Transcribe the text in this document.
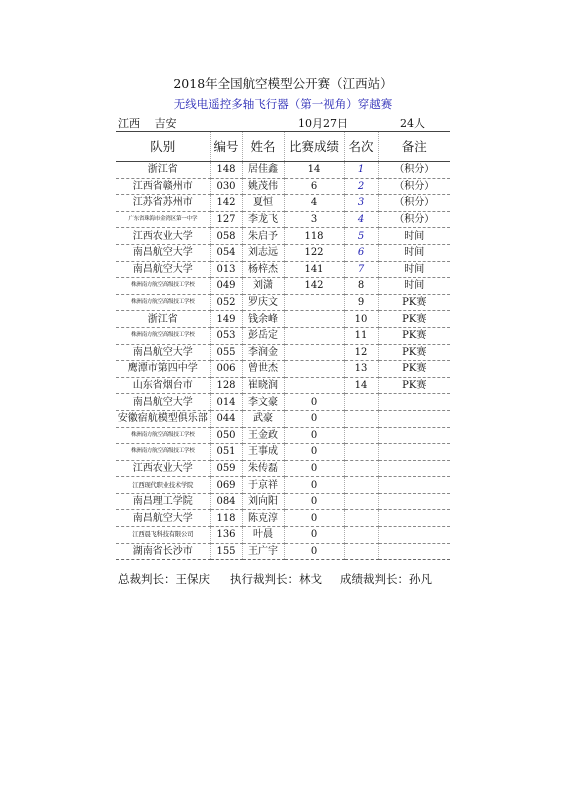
2018年全国航空模型公开赛（江西站）
无线电遥控多轴飞行器（第一视角）穿越赛
江西　 吉安	10月27日	24人
队别	编号	姓名	比赛成绩	名次	备注
浙江省	148	居佳鑫	14	1	（积分）
江西省赣州市	030	姚茂伟	6	2	（积分）
江苏省苏州市	142	夏恒	4	3	（积分）
广东省珠海市金湾区第一中学	127	李龙飞	3	4	（积分）
江西农业大学	058	朱启予	118	5	时间
南昌航空大学	054	刘志远	122	6	时间
南昌航空大学	013	杨梓杰	141	7	时间
株洲南方航空高级技工学校	049	刘潇	142	8	时间
株洲南方航空高级技工学校	052	罗庆文		9	PK赛
浙江省	149	钱余峰		10	PK赛
株洲南方航空高级技工学校	053	彭岳定		11	PK赛
南昌航空大学	055	李润金		12	PK赛
鹰潭市第四中学	006	曾世杰		13	PK赛
山东省烟台市	128	崔晓润		14	PK赛
南昌航空大学	014	李文豪	0		
安徽宿航模型俱乐部	044	武豪	0		
株洲南方航空高级技工学校	050	王金政	0		
株洲南方航空高级技工学校	051	王事成	0		
江西农业大学	059	朱传磊	0		
江西现代职业技术学院	069	于京祥	0		
南昌理工学院	084	刘向阳	0		
南昌航空大学	118	陈克淳	0		
江西晨飞科技有限公司	136	叶晨	0		
湖南省长沙市	155	王广宇	0		
总裁判长：王保庆 执行裁判长：林戈 成绩裁判长：孙凡
